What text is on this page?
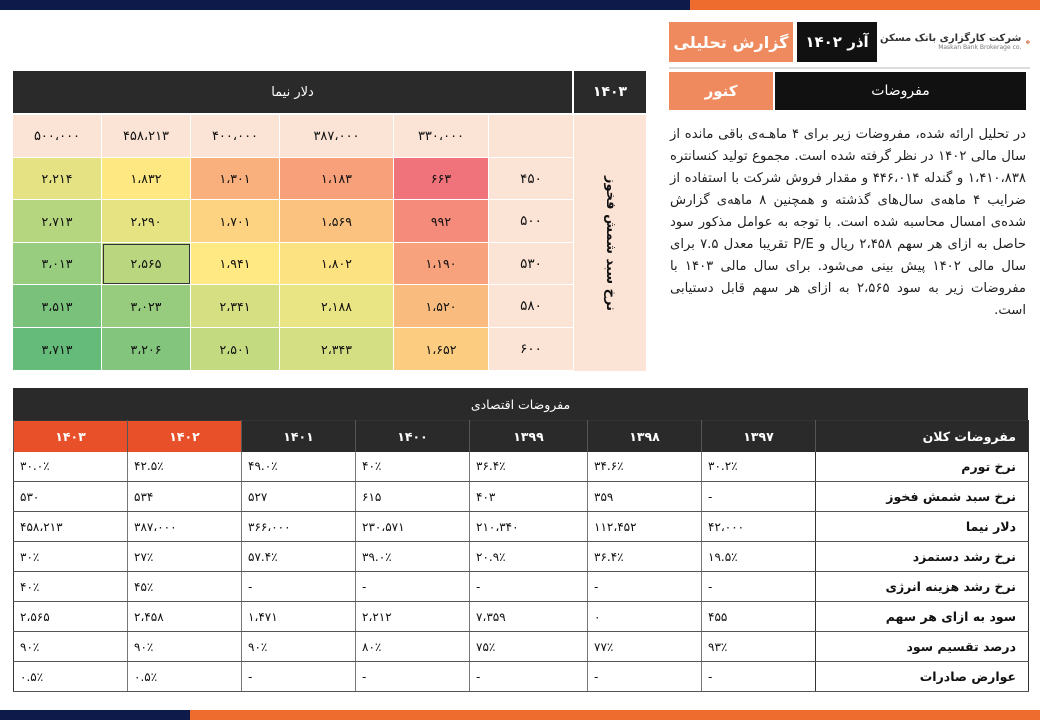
گزارش تحلیلی	آذر ۱۴۰۲	شرکت کارگزاری بانک مسکن
Maskan Bank Brokerage co.
مفروضات
کنور
در تحلیل ارائه شده، مفروضات زیر برای ۴ ماهـه‌ی باقی مانده از سال مالی ۱۴۰۲ در نظر گرفته شده است. مجموع تولید کنسانتره ۱،۴۱۰،۸۳۸ و گندله ۴۴۶،۰۱۴ و مقدار فروش شرکت با استفاده از ضرایب ۴ ماهه‌ی سال‌های گذشته و همچنین ۸ ماهه‌ی گزارش شده‌ی امسال محاسبه شده است. با توجه به عوامل مذکور سود حاصل به ازای هر سهم ۲،۴۵۸ ریال و P/E تقریبا معدل ۷.۵ برای سال مالی ۱۴۰۲ پیش بینی می‌شود. برای سال مالی ۱۴۰۳ با مفروضات زیر به سود ۲،۵۶۵ به ازای هر سهم قابل دستیابی است.
دلار نیما	۱۴۰۳
نرخ سبد شمش فخوز
۵۰۰،۰۰۰	۴۵۸،۲۱۳	۴۰۰،۰۰۰	۳۸۷،۰۰۰	۳۳۰،۰۰۰
۲،۲۱۴	۱،۸۳۲	۱،۳۰۱	۱،۱۸۳	۶۶۳	۴۵۰
۲،۷۱۳	۲،۲۹۰	۱،۷۰۱	۱،۵۶۹	۹۹۲	۵۰۰
۳،۰۱۳	۲،۵۶۵	۱،۹۴۱	۱،۸۰۲	۱،۱۹۰	۵۳۰
۳،۵۱۳	۳،۰۲۳	۲،۳۴۱	۲،۱۸۸	۱،۵۲۰	۵۸۰
۳،۷۱۳	۳،۲۰۶	۲،۵۰۱	۲،۳۴۳	۱،۶۵۲	۶۰۰
مفروضات اقتصادی
۱۴۰۳	۱۴۰۲	۱۴۰۱	۱۴۰۰	۱۳۹۹	۱۳۹۸	۱۳۹۷	مفروضات کلان
۳۰.۰٪	۴۲.۵٪	۴۹.۰٪	۴۰٪	۳۶.۴٪	۳۴.۶٪	۳۰.۲٪	نرخ تورم
۵۳۰	۵۳۴	۵۲۷	۶۱۵	۴۰۳	۳۵۹	-	نرخ سبد شمش فخوز
۴۵۸،۲۱۳	۳۸۷،۰۰۰	۳۶۶،۰۰۰	۲۳۰،۵۷۱	۲۱۰،۳۴۰	۱۱۲،۴۵۲	۴۲،۰۰۰	دلار نیما
۳۰٪	۲۷٪	۵۷.۴٪	۳۹.۰٪	۲۰.۹٪	۳۶.۴٪	۱۹.۵٪	نرخ رشد دستمزد
۴۰٪	۴۵٪	-	-	-	-	-	نرخ رشد هزینه انرژی
۲،۵۶۵	۲،۴۵۸	۱،۴۷۱	۲،۲۱۲	۷،۳۵۹	۰	۴۵۵	سود به ازای هر سهم
۹۰٪	۹۰٪	۹۰٪	۸۰٪	۷۵٪	۷۷٪	۹۳٪	درصد تقسیم سود
۰.۵٪	۰.۵٪	-	-	-	-	-	عوارض صادرات
